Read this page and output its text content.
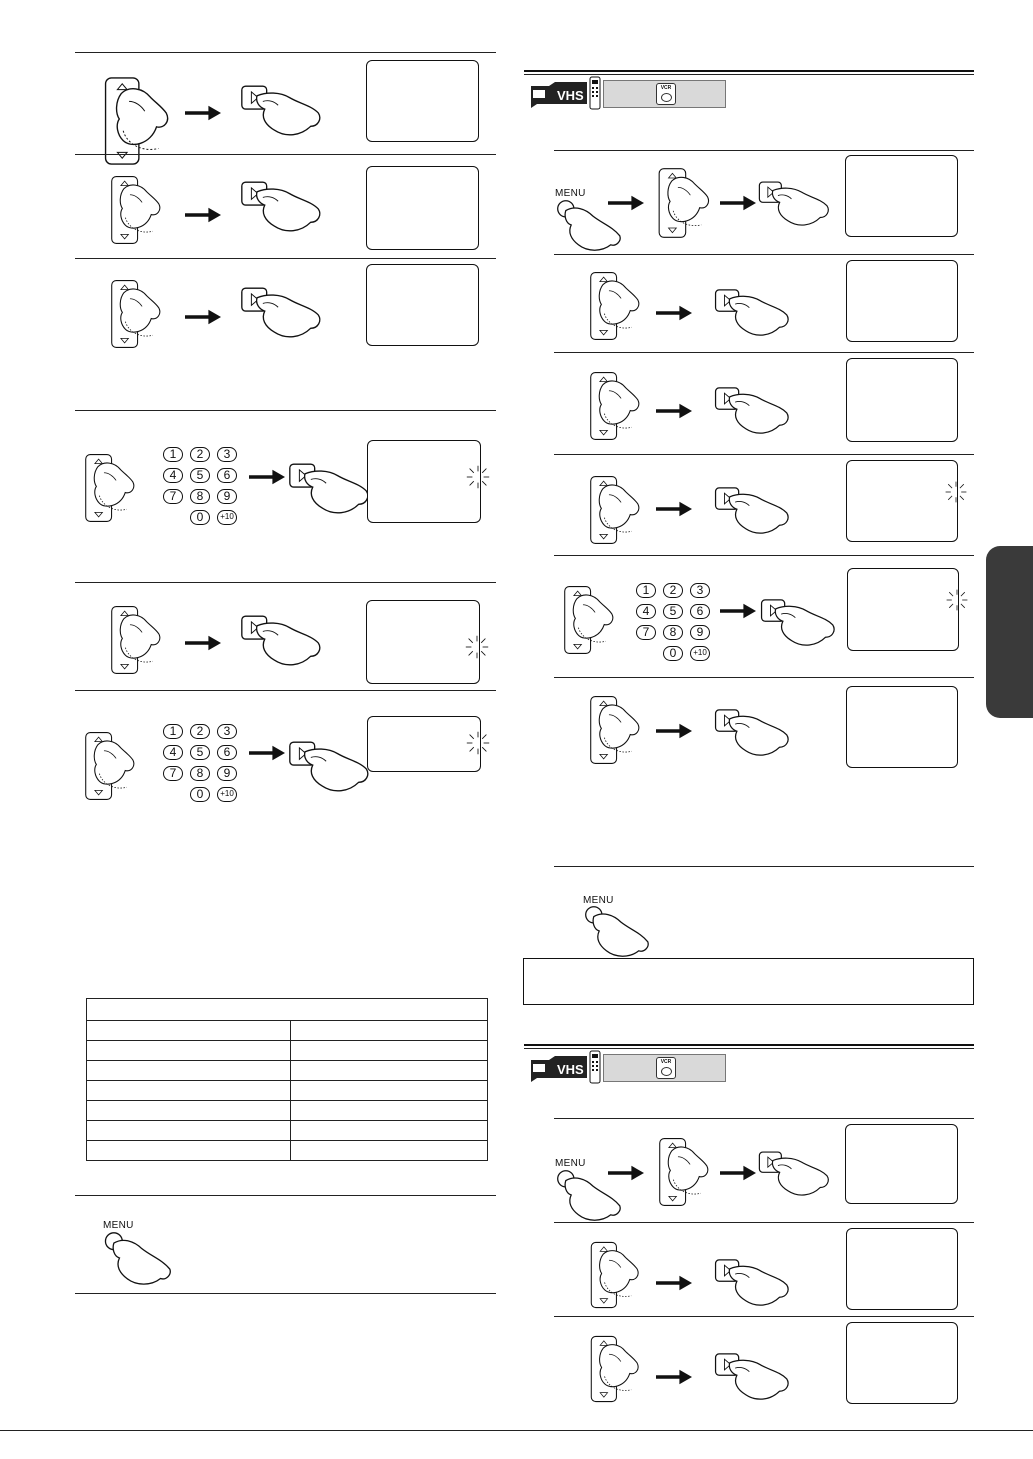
1	2	3
4	5	6
7	8	9
0	+10
1	2	3
4	5	6
7	8	9
0	+10

MENU
VHS	VCR
MENU
1	2	3
4	5	6
7	8	9
0	+10
MENU
VHS	VCR
MENU
